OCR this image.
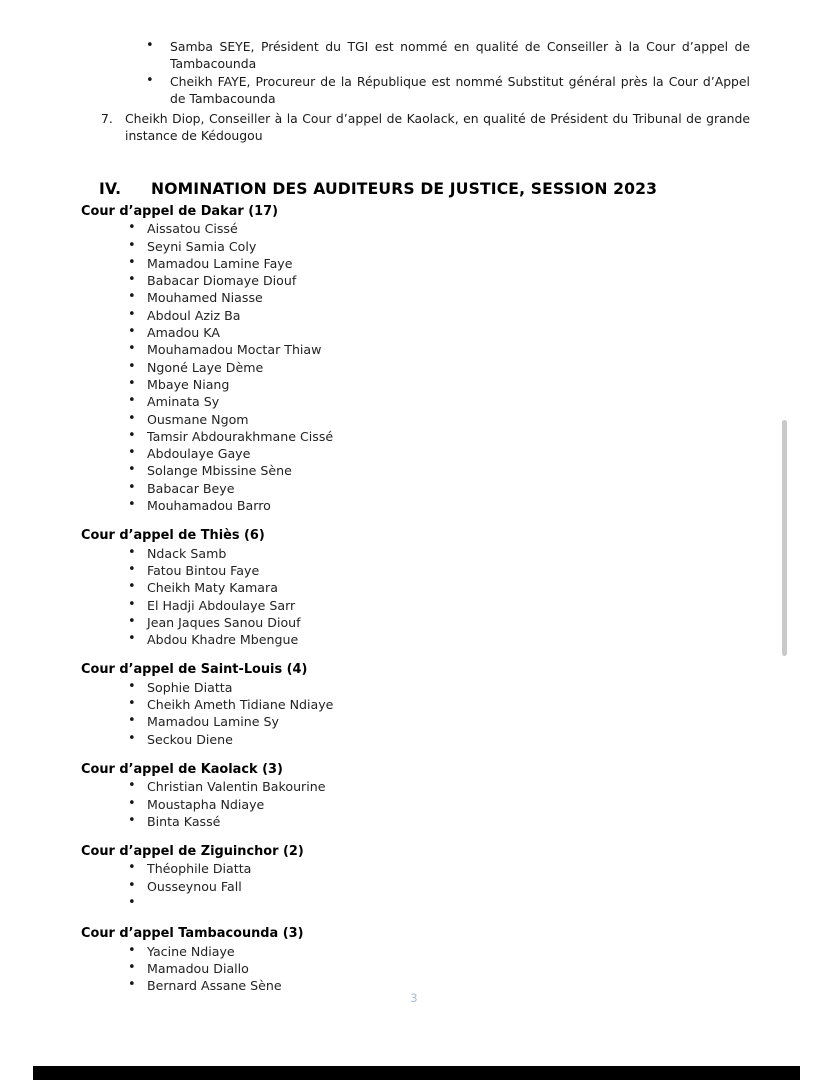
• Samba SEYE, Président du TGI est nommé en qualité de Conseiller à la Cour d’appel de Tambacounda
• Cheikh FAYE, Procureur de la République est nommé Substitut général près la Cour d’Appel de Tambacounda
7. Cheikh Diop, Conseiller à la Cour d’appel de Kaolack, en qualité de Président du Tribunal de grande instance de Kédougou
IV. NOMINATION DES AUDITEURS DE JUSTICE, SESSION 2023
Cour d’appel de Dakar (17)
• Aissatou Cissé
• Seyni Samia Coly
• Mamadou Lamine Faye
• Babacar Diomaye Diouf
• Mouhamed Niasse
• Abdoul Aziz Ba
• Amadou KA
• Mouhamadou Moctar Thiaw
• Ngoné Laye Dème
• Mbaye Niang
• Aminata Sy
• Ousmane Ngom
• Tamsir Abdourakhmane Cissé
• Abdoulaye Gaye
• Solange Mbissine Sène
• Babacar Beye
• Mouhamadou Barro
Cour d’appel de Thiès (6)
• Ndack Samb
• Fatou Bintou Faye
• Cheikh Maty Kamara
• El Hadji Abdoulaye Sarr
• Jean Jaques Sanou Diouf
• Abdou Khadre Mbengue
Cour d’appel de Saint-Louis (4)
• Sophie Diatta
• Cheikh Ameth Tidiane Ndiaye
• Mamadou Lamine Sy
• Seckou Diene
Cour d’appel de Kaolack (3)
• Christian Valentin Bakourine
• Moustapha Ndiaye
• Binta Kassé
Cour d’appel de Ziguinchor (2)
• Théophile Diatta
• Ousseynou Fall
•
Cour d’appel Tambacounda (3)
• Yacine Ndiaye
• Mamadou Diallo
• Bernard Assane Sène
3
